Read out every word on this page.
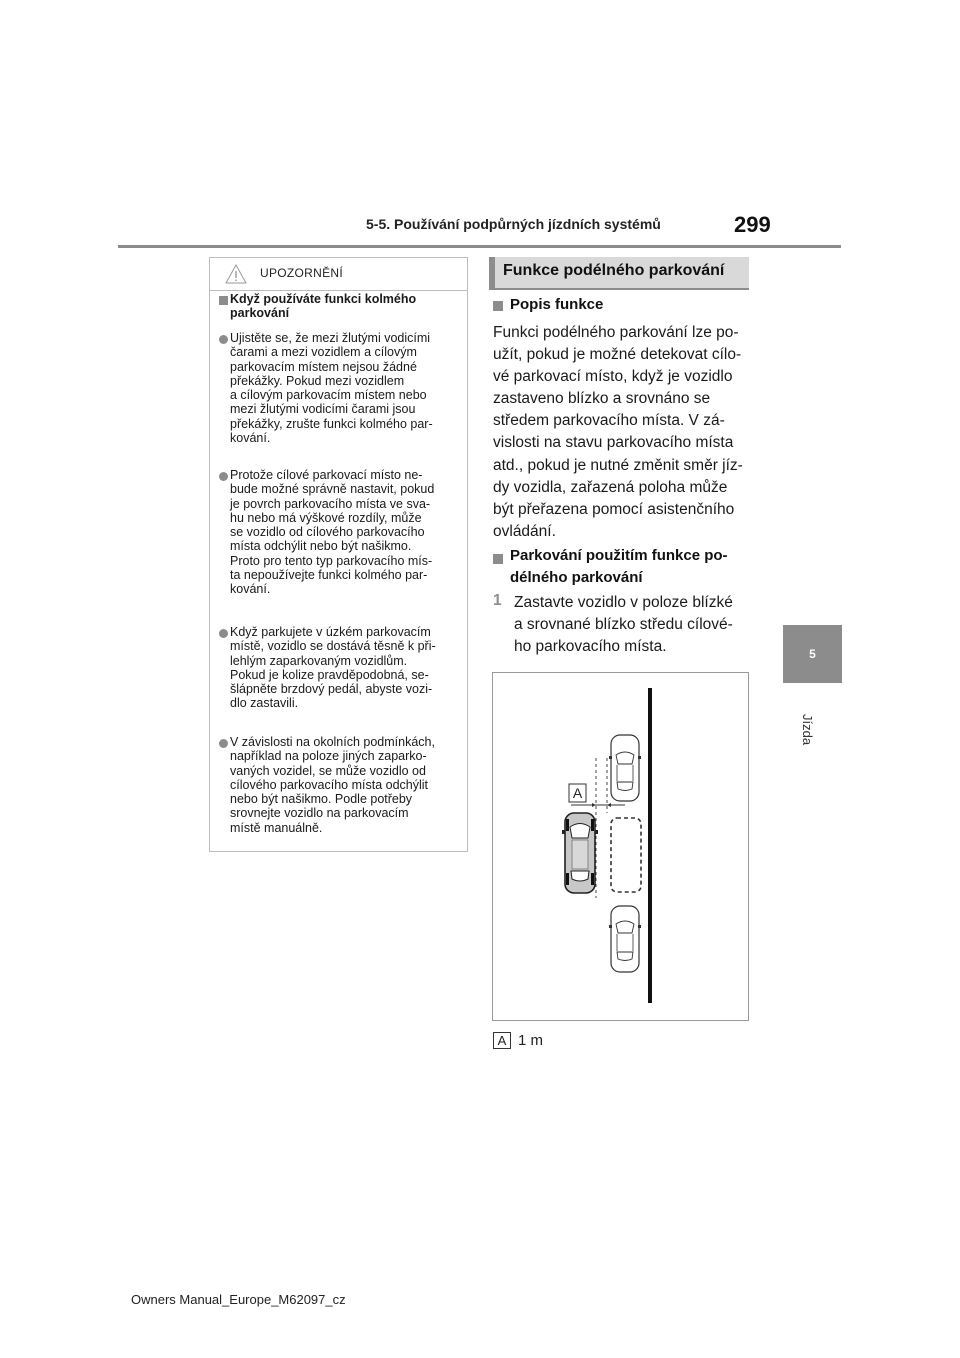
5-5. Používání podpůrných jízdních systémů	299
5
Jízda
UPOZORNĚNÍ
Když používáte funkci kolmého
parkování
Ujistěte se, že mezi žlutými vodicími
čarami a mezi vozidlem a cílovým
parkovacím místem nejsou žádné
překážky. Pokud mezi vozidlem
a cílovým parkovacím místem nebo
mezi žlutými vodicími čarami jsou
překážky, zrušte funkci kolmého par-
kování.
Protože cílové parkovací místo ne-
bude možné správně nastavit, pokud
je povrch parkovacího místa ve sva-
hu nebo má výškové rozdíly, může
se vozidlo od cílového parkovacího
místa odchýlit nebo být našikmo.
Proto pro tento typ parkovacího mís-
ta nepoužívejte funkci kolmého par-
kování.
Když parkujete v úzkém parkovacím
místě, vozidlo se dostává těsně k při-
lehlým zaparkovaným vozidlům.
Pokud je kolize pravděpodobná, se-
šlápněte brzdový pedál, abyste vozi-
dlo zastavili.
V závislosti na okolních podmínkách,
například na poloze jiných zaparko-
vaných vozidel, se může vozidlo od
cílového parkovacího místa odchýlit
nebo být našikmo. Podle potřeby
srovnejte vozidlo na parkovacím
místě manuálně.
Funkce podélného parkování
Popis funkce
Funkci podélného parkování lze po-
užít, pokud je možné detekovat cílo-
vé parkovací místo, když je vozidlo
zastaveno blízko a srovnáno se
středem parkovacího místa. V zá-
vislosti na stavu parkovacího místa
atd., pokud je nutné změnit směr jíz-
dy vozidla, zařazená poloha může
být přeřazena pomocí asistenčního
ovládání.
Parkování použitím funkce po-
délného parkování
1 Zastavte vozidlo v poloze blízké
a srovnané blízko středu cílové-
ho parkovacího místa.
A
A 1 m
Owners Manual_Europe_M62097_cz
